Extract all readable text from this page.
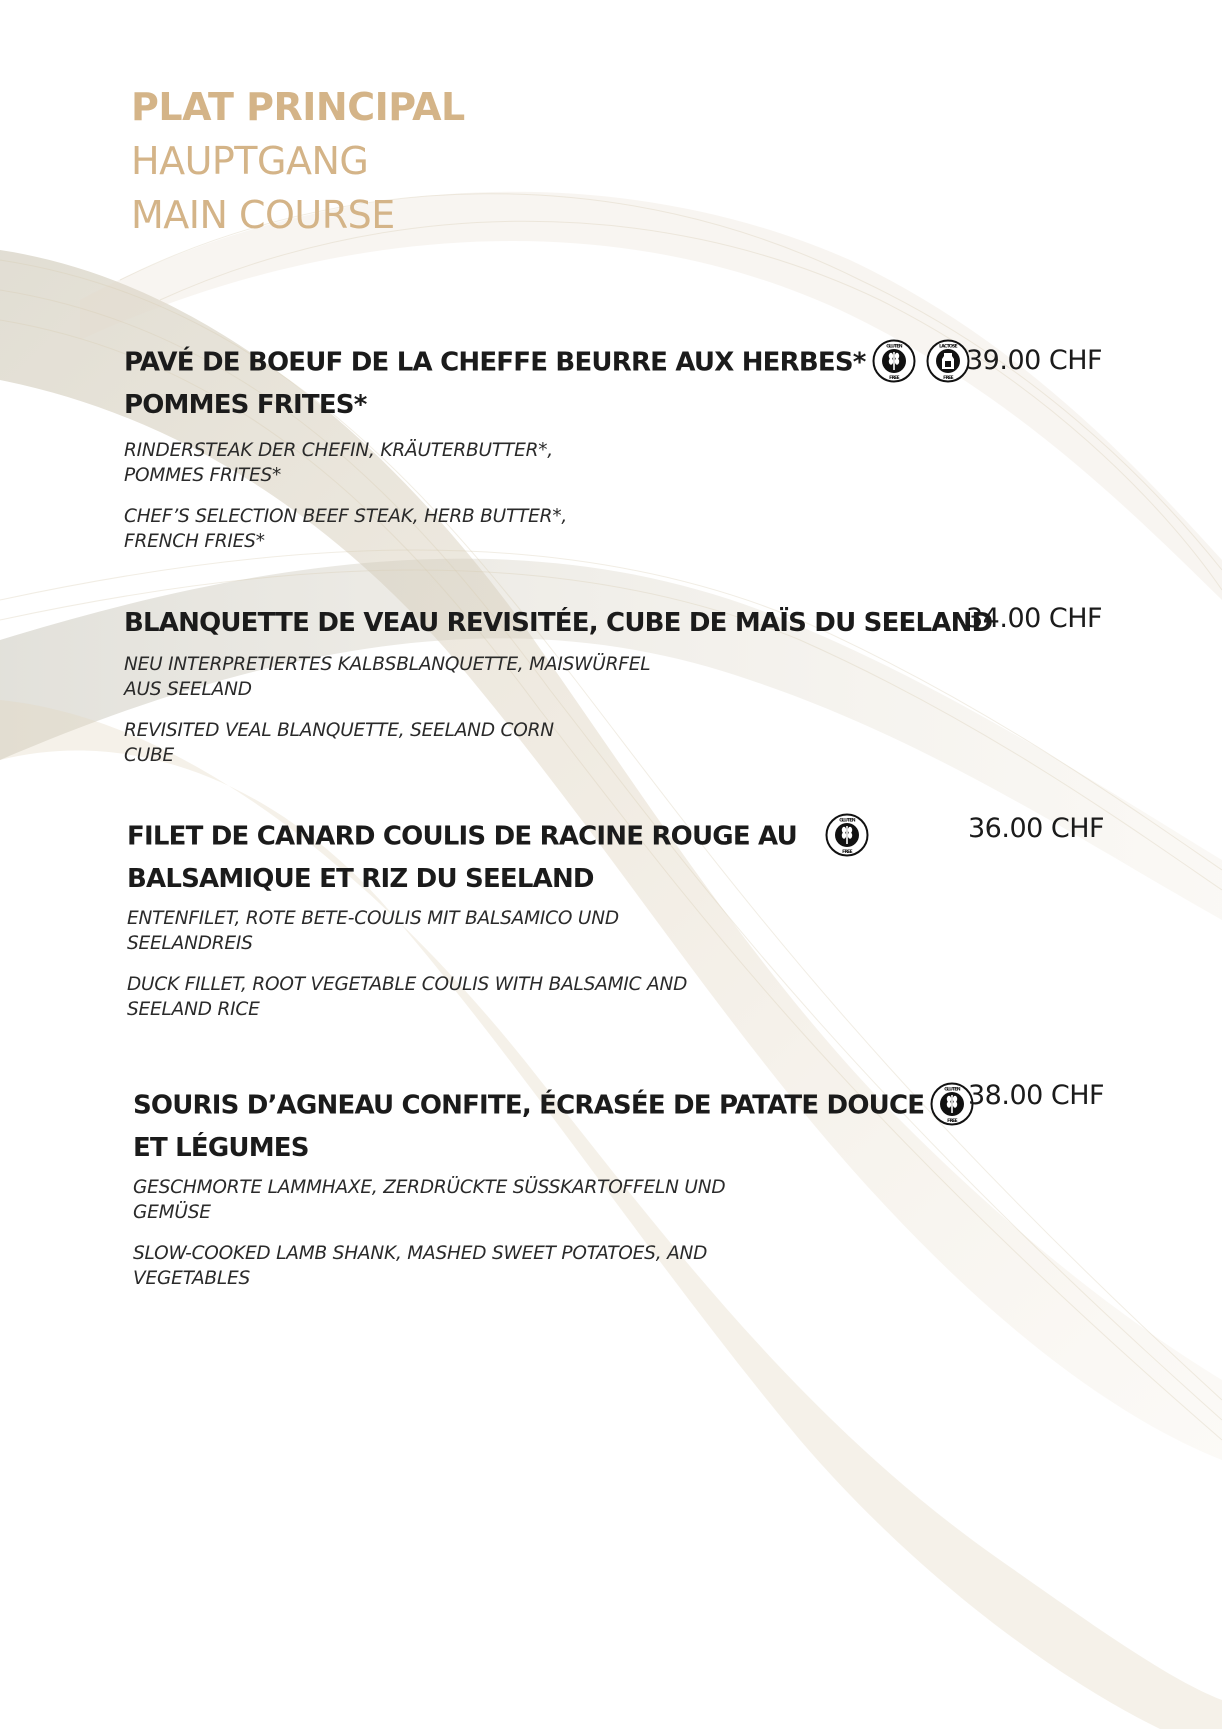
PLAT PRINCIPAL
HAUPTGANG
MAIN COURSE
PAVÉ DE BOEUF DE LA CHEFFE BEURRE AUX HERBES*
GLUTEN
FREE
LACTOSE
FREE
POMMES FRITES*

RINDERSTEAK DER CHEFIN, KRÄUTERBUTTER*,
POMMES FRITES*

CHEF’S SELECTION BEEF STEAK, HERB BUTTER*,
FRENCH FRIES*

39.00 CHF
BLANQUETTE DE VEAU REVISITÉE, CUBE DE MAÏS DU SEELAND

NEU INTERPRETIERTES KALBSBLANQUETTE, MAISWÜRFEL
AUS SEELAND

REVISITED VEAL BLANQUETTE, SEELAND CORN
CUBE

34.00 CHF
FILET DE CANARD COULIS DE RACINE ROUGE AU
GLUTEN
FREE
BALSAMIQUE ET RIZ DU SEELAND

ENTENFILET, ROTE BETE-COULIS MIT BALSAMICO UND
SEELANDREIS

DUCK FILLET, ROOT VEGETABLE COULIS WITH BALSAMIC AND
SEELAND RICE

36.00 CHF
SOURIS D’AGNEAU CONFITE, ÉCRASÉE DE PATATE DOUCE
GLUTEN
FREE
ET LÉGUMES

GESCHMORTE LAMMHAXE, ZERDRÜCKTE SÜSSKARTOFFELN UND
GEMÜSE

SLOW-COOKED LAMB SHANK, MASHED SWEET POTATOES, AND
VEGETABLES

38.00 CHF
